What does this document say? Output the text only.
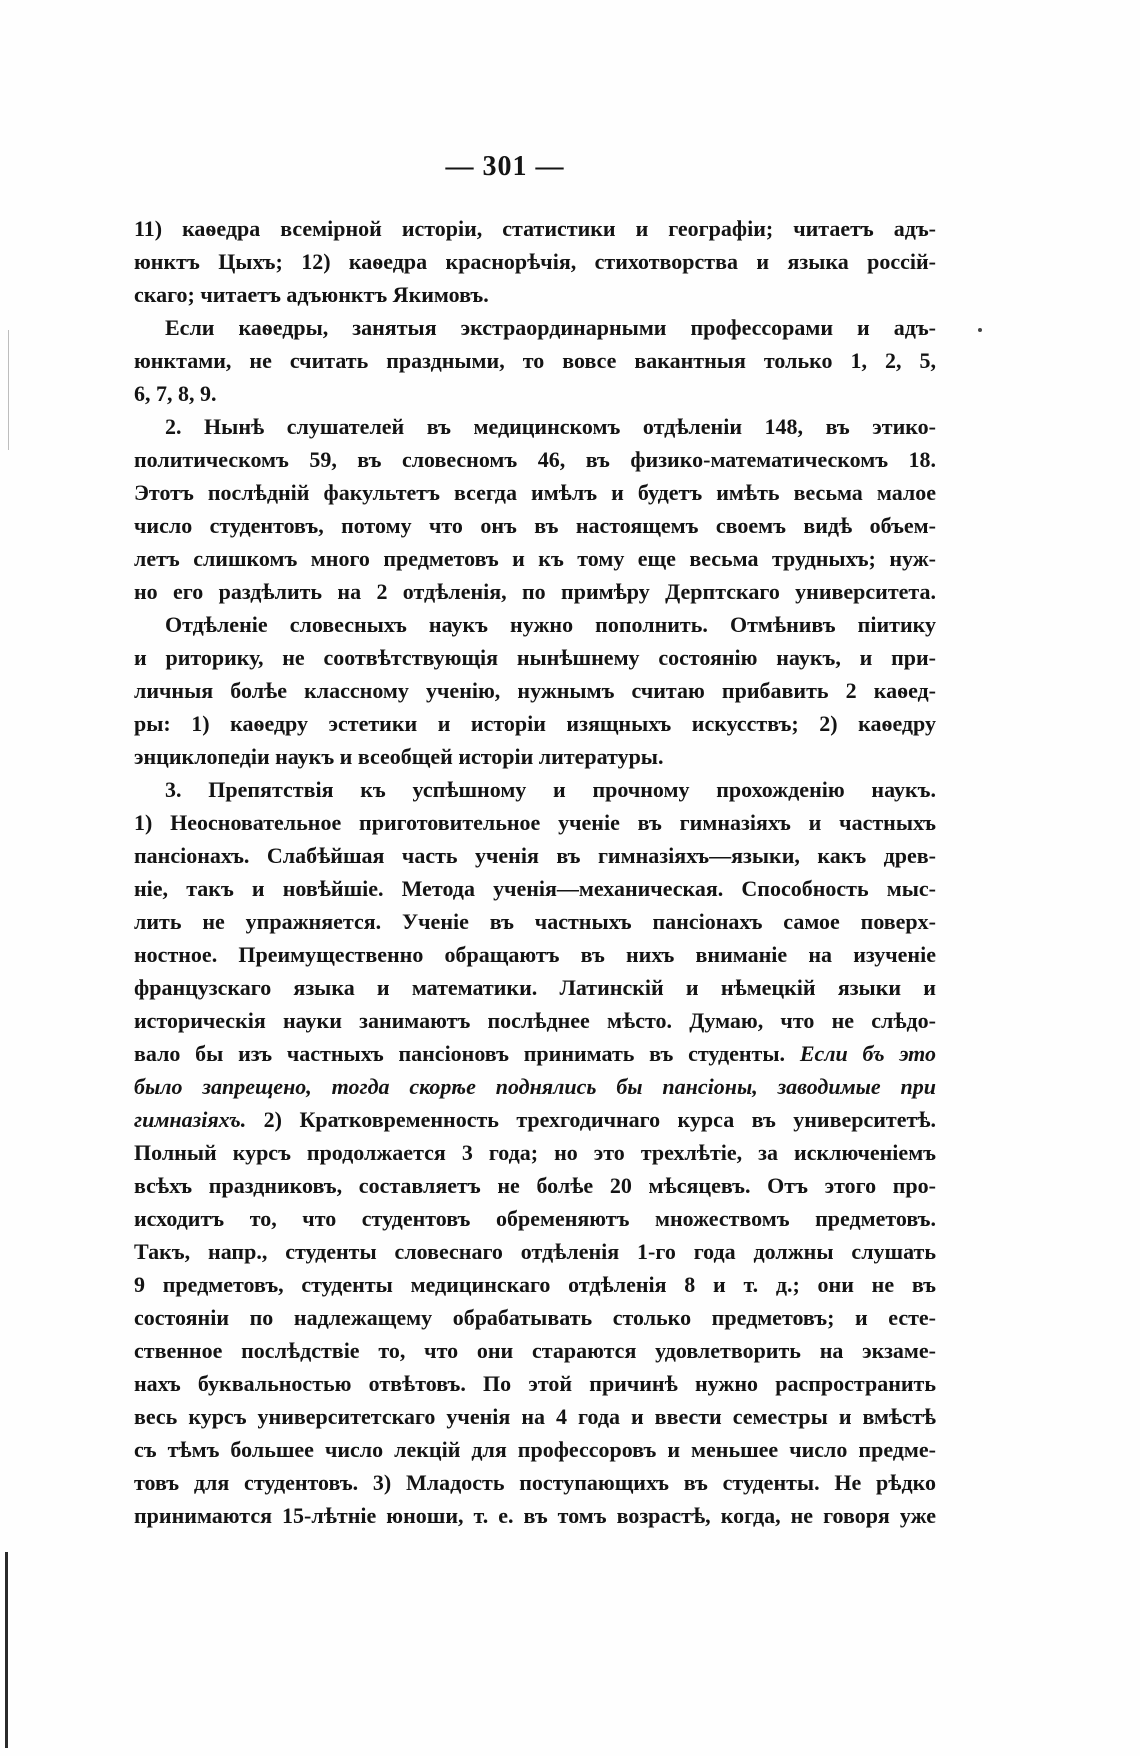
— 301 —
11) каѳедра всемірной исторіи, статистики и географіи; читаетъ адъ-
юнктъ Цыхъ; 12) каѳедра краснорѣчія, стихотворства и языка россій-
скаго; читаетъ адъюнктъ Якимовъ.
Если каѳедры, занятыя экстраординарными профессорами и адъ-
юнктами, не считать праздными, то вовсе вакантныя только 1, 2, 5,
6, 7, 8, 9.
2. Нынѣ слушателей въ медицинскомъ отдѣленіи 148, въ этико-
политическомъ 59, въ словесномъ 46, въ физико-математическомъ 18.
Этотъ послѣдній факультетъ всегда имѣлъ и будетъ имѣть весьма малое
число студентовъ, потому что онъ въ настоящемъ своемъ видѣ объем-
летъ слишкомъ много предметовъ и къ тому еще весьма трудныхъ; нуж-
но его раздѣлить на 2 отдѣленія, по примѣру Дерптскаго университета.
Отдѣленіе словесныхъ наукъ нужно пополнить. Отмѣнивъ піитику
и риторику, не соотвѣтствующія нынѣшнему состоянію наукъ, и при-
личныя болѣе классному ученію, нужнымъ считаю прибавить 2 каѳед-
ры: 1) каѳедру эстетики и исторіи изящныхъ искусствъ; 2) каѳедру
энциклопедіи наукъ и всеобщей исторіи литературы.
3. Препятствія къ успѣшному и прочному прохожденію наукъ.
1) Неосновательное приготовительное ученіе въ гимназіяхъ и частныхъ
пансіонахъ. Слабѣйшая часть ученія въ гимназіяхъ—языки, какъ древ-
ніе, такъ и новѣйшіе. Метода ученія—механическая. Способность мыс-
лить не упражняется. Ученіе въ частныхъ пансіонахъ самое поверх-
ностное. Преимущественно обращаютъ въ нихъ вниманіе на изученіе
французскаго языка и математики. Латинскій и нѣмецкій языки и
историческія науки занимаютъ послѣднее мѣсто. Думаю, что не слѣдо-
вало бы изъ частныхъ пансіоновъ принимать въ студенты. Если бъ это
было запрещено, тогда скорѣе поднялись бы пансіоны, заводимые при
гимназіяхъ. 2) Кратковременность трехгодичнаго курса въ университетѣ.
Полный курсъ продолжается 3 года; но это трехлѣтіе, за исключеніемъ
всѣхъ праздниковъ, составляетъ не болѣе 20 мѣсяцевъ. Отъ этого про-
исходитъ то, что студентовъ обременяютъ множествомъ предметовъ.
Такъ, напр., студенты словеснаго отдѣленія 1-го года должны слушать
9 предметовъ, студенты медицинскаго отдѣленія 8 и т. д.; они не въ
состояніи по надлежащему обрабатывать столько предметовъ; и есте-
ственное послѣдствіе то, что они стараются удовлетворить на экзаме-
нахъ буквальностью отвѣтовъ. По этой причинѣ нужно распространить
весь курсъ университетскаго ученія на 4 года и ввести семестры и вмѣстѣ
съ тѣмъ большее число лекцій для профессоровъ и меньшее число предме-
товъ для студентовъ. 3) Младость поступающихъ въ студенты. Не рѣдко
принимаются 15-лѣтніе юноши, т. е. въ томъ возрастѣ, когда, не говоря уже
